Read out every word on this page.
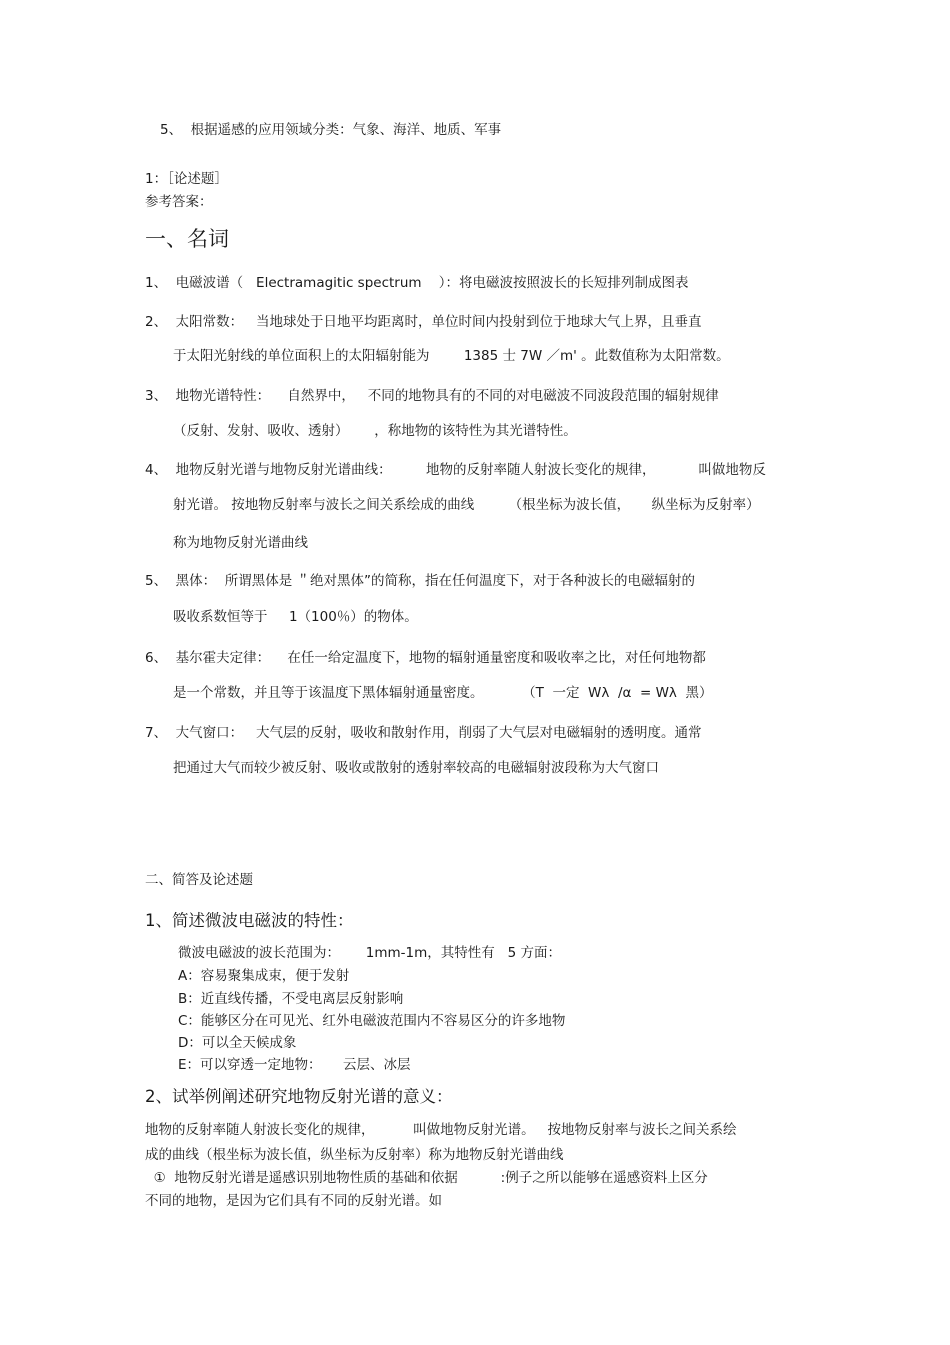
5、  根据遥感的应用领域分类：气象、海洋、地质、军事
1：［论述题］
参考答案：
一、名词
1、  电磁波谱（   Electramagitic spectrum    ）：将电磁波按照波长的长短排列制成图表
2、  太阳常数：   当地球处于日地平均距离时，单位时间内投射到位于地球大气上界，且垂直
于太阳光射线的单位面积上的太阳辐射能为        1385 士 7W ／m' 。此数值称为太阳常数。
3、  地物光谱特性：    自然界中，   不同的地物具有的不同的对电磁波不同波段范围的辐射规律
（反射、发射、吸收、透射）      ，称地物的该特性为其光谱特性。
4、  地物反射光谱与地物反射光谱曲线：        地物的反射率随人射波长变化的规律，          叫做地物反
射光谱。 按地物反射率与波长之间关系绘成的曲线        （根坐标为波长值，     纵坐标为反射率）
称为地物反射光谱曲线
5、  黑体：  所谓黑体是 ＂绝对黑体”的简称，指在任何温度下，对于各种波长的电磁辐射的
吸收系数恒等于     1（100％）的物体。
6、  基尔霍夫定律：    在任一给定温度下，地物的辐射通量密度和吸收率之比，对任何地物都
是一个常数，并且等于该温度下黑体辐射通量密度。         （T  一定  Wλ  /α  = Wλ  黑）
7、  大气窗口：   大气层的反射，吸收和散射作用，削弱了大气层对电磁辐射的透明度。通常
把通过大气而较少被反射、吸收或散射的透射率较高的电磁辐射波段称为大气窗口
二、简答及论述题
1、简述微波电磁波的特性：
微波电磁波的波长范围为：      1mm-1m，其特性有   5 方面：
A：容易聚集成束，便于发射
B：近直线传播，不受电离层反射影响
C：能够区分在可见光、红外电磁波范围内不容易区分的许多地物
D：可以全天候成象
E：可以穿透一定地物：     云层、冰层
2、试举例阐述研究地物反射光谱的意义：
地物的反射率随人射波长变化的规律，         叫做地物反射光谱。   按地物反射率与波长之间关系绘
成的曲线（根坐标为波长值，纵坐标为反射率）称为地物反射光谱曲线
①  地物反射光谱是遥感识别地物性质的基础和依据          :例子之所以能够在遥感资料上区分
不同的地物，是因为它们具有不同的反射光谱。如
